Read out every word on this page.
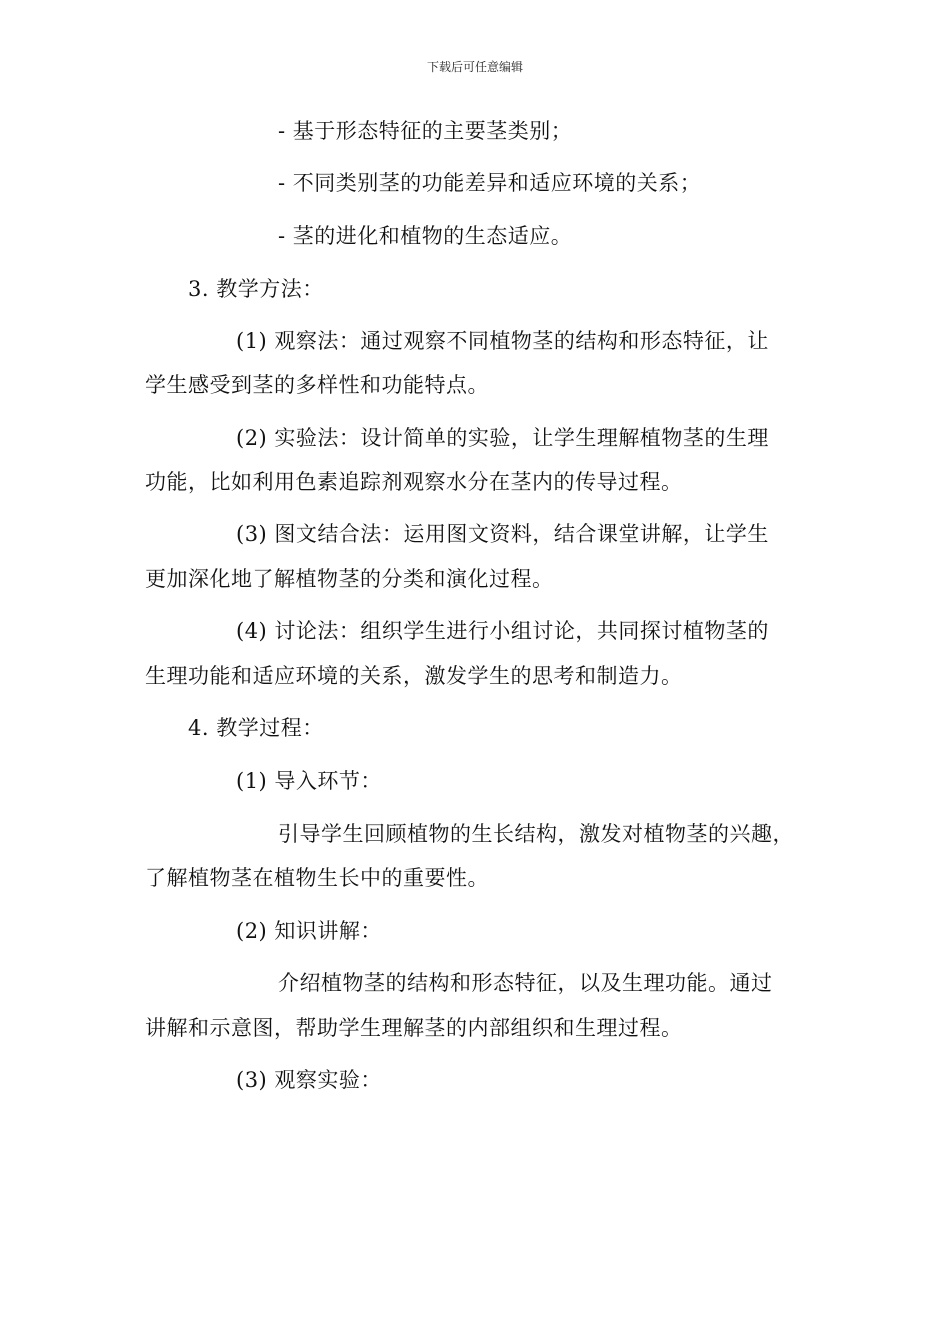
下载后可任意编辑
- 基于形态特征的主要茎类别；
- 不同类别茎的功能差异和适应环境的关系；
- 茎的进化和植物的生态适应。
3. 教学方法：
(1) 观察法：通过观察不同植物茎的结构和形态特征，让
学生感受到茎的多样性和功能特点。
(2) 实验法：设计简单的实验，让学生理解植物茎的生理
功能，比如利用色素追踪剂观察水分在茎内的传导过程。
(3) 图文结合法：运用图文资料，结合课堂讲解，让学生
更加深化地了解植物茎的分类和演化过程。
(4) 讨论法：组织学生进行小组讨论，共同探讨植物茎的
生理功能和适应环境的关系，激发学生的思考和制造力。
4. 教学过程：
(1) 导入环节：
引导学生回顾植物的生长结构，激发对植物茎的兴趣，
了解植物茎在植物生长中的重要性。
(2) 知识讲解：
介绍植物茎的结构和形态特征，以及生理功能。通过
讲解和示意图，帮助学生理解茎的内部组织和生理过程。
(3) 观察实验：
